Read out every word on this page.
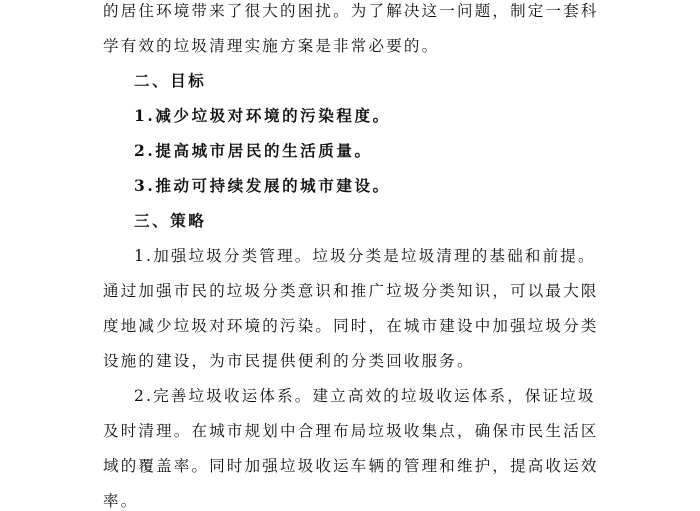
的居住环境带来了很大的困扰。为了解决这一问题，制定一套科
学有效的垃圾清理实施方案是非常必要的。
二、目标
1.减少垃圾对环境的污染程度。
2.提高城市居民的生活质量。
3.推动可持续发展的城市建设。
三、策略
1.加强垃圾分类管理。垃圾分类是垃圾清理的基础和前提。
通过加强市民的垃圾分类意识和推广垃圾分类知识，可以最大限
度地减少垃圾对环境的污染。同时，在城市建设中加强垃圾分类
设施的建设，为市民提供便利的分类回收服务。
2.完善垃圾收运体系。建立高效的垃圾收运体系，保证垃圾
及时清理。在城市规划中合理布局垃圾收集点，确保市民生活区
域的覆盖率。同时加强垃圾收运车辆的管理和维护，提高收运效
率。
